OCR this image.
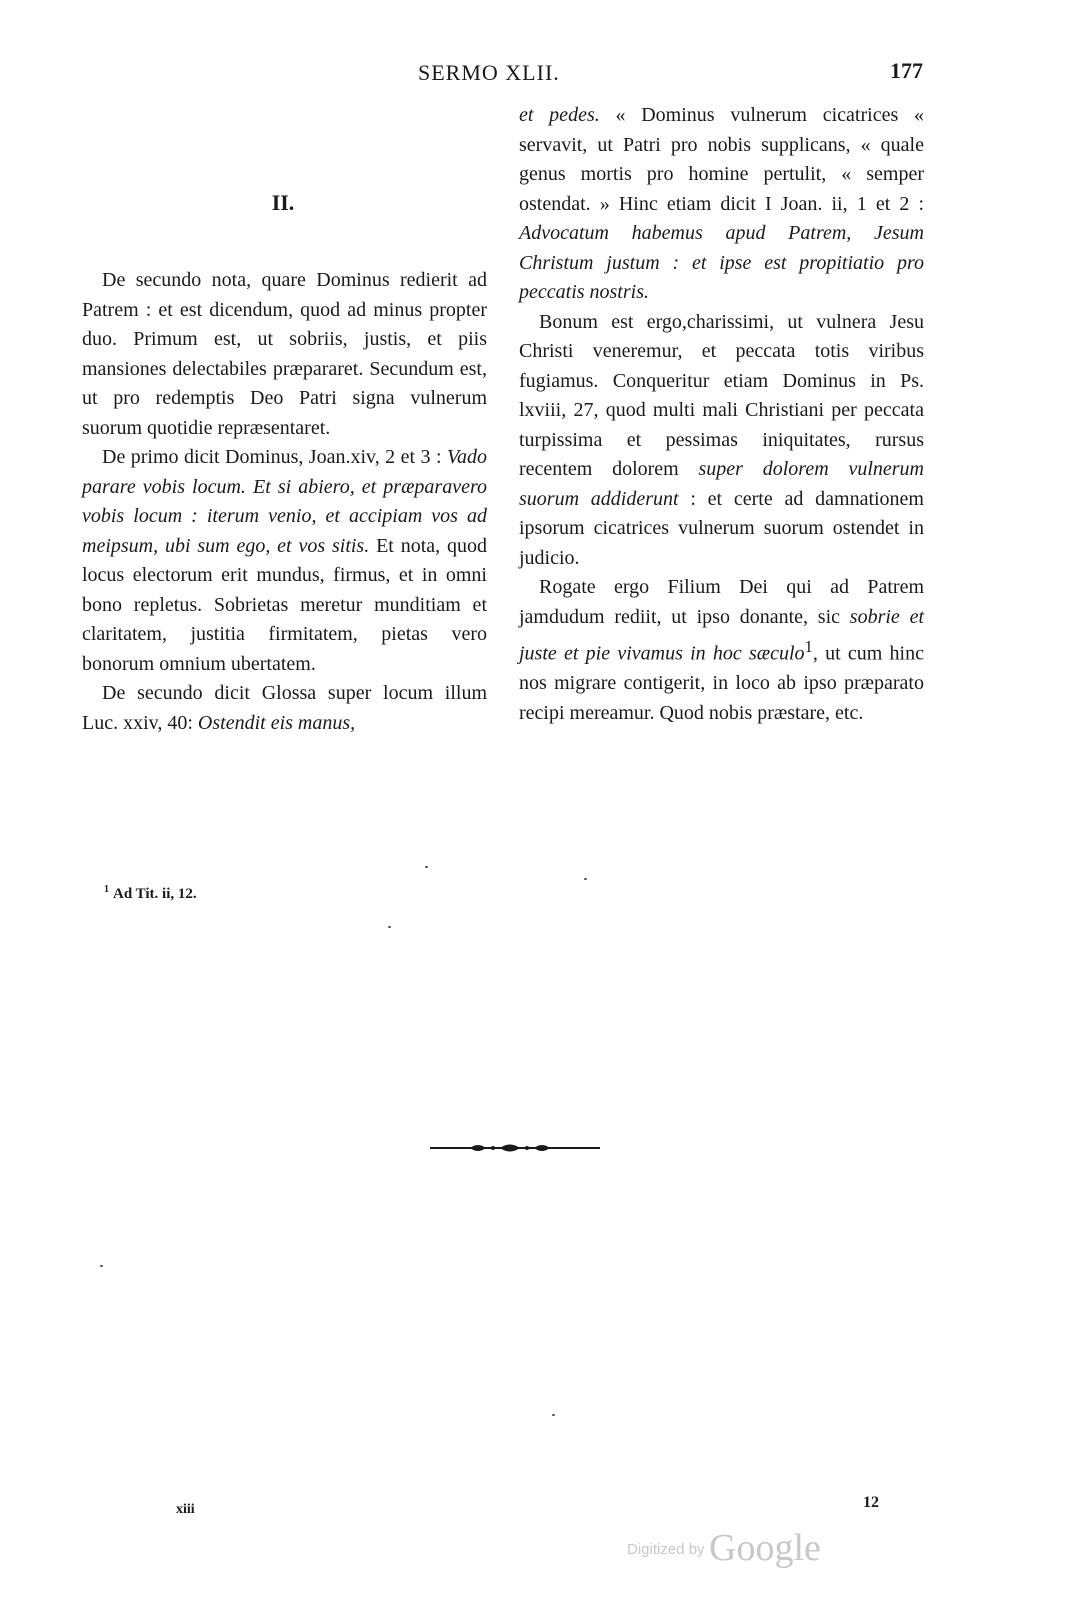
SERMO XLII.	177
II.

De secundo nota, quare Dominus redierit ad Patrem : et est dicendum, quod ad minus propter duo. Primum est, ut sobriis, justis, et piis mansiones delectabiles præpararet. Secundum est, ut pro redemptis Deo Patri signa vulnerum suorum quotidie repræsentaret.

De primo dicit Dominus, Joan.xiv, 2 et 3 : Vado parare vobis locum. Et si abiero, et præparavero vobis locum : iterum venio, et accipiam vos ad meipsum, ubi sum ego, et vos sitis. Et nota, quod locus electorum erit mundus, firmus, et in omni bono repletus. Sobrietas meretur munditiam et claritatem, justitia firmitatem, pietas vero bonorum omnium ubertatem.

De secundo dicit Glossa super locum illum Luc. xxiv, 40: Ostendit eis manus,

et pedes. « Dominus vulnerum cicatrices « servavit, ut Patri pro nobis supplicans, « quale genus mortis pro homine pertulit, « semper ostendat. » Hinc etiam dicit I Joan. ii, 1 et 2 : Advocatum habemus apud Patrem, Jesum Christum justum : et ipse est propitiatio pro peccatis nostris.

Bonum est ergo,charissimi, ut vulnera Jesu Christi veneremur, et peccata totis viribus fugiamus. Conqueritur etiam Dominus in Ps. lxviii, 27, quod multi mali Christiani per peccata turpissima et pessimas iniquitates, rursus recentem dolorem super dolorem vulnerum suorum addiderunt : et certe ad damnationem ipsorum cicatrices vulnerum suorum ostendet in judicio.

Rogate ergo Filium Dei qui ad Patrem jamdudum rediit, ut ipso donante, sic sobrie et juste et pie vivamus in hoc sæculo$^1$, ut cum hinc nos migrare contigerit, in loco ab ipso præparato recipi mereamur. Quod nobis præstare, etc.

$^1$ Ad Tit. ii, 12.
xiii	12
Digitized by Google
